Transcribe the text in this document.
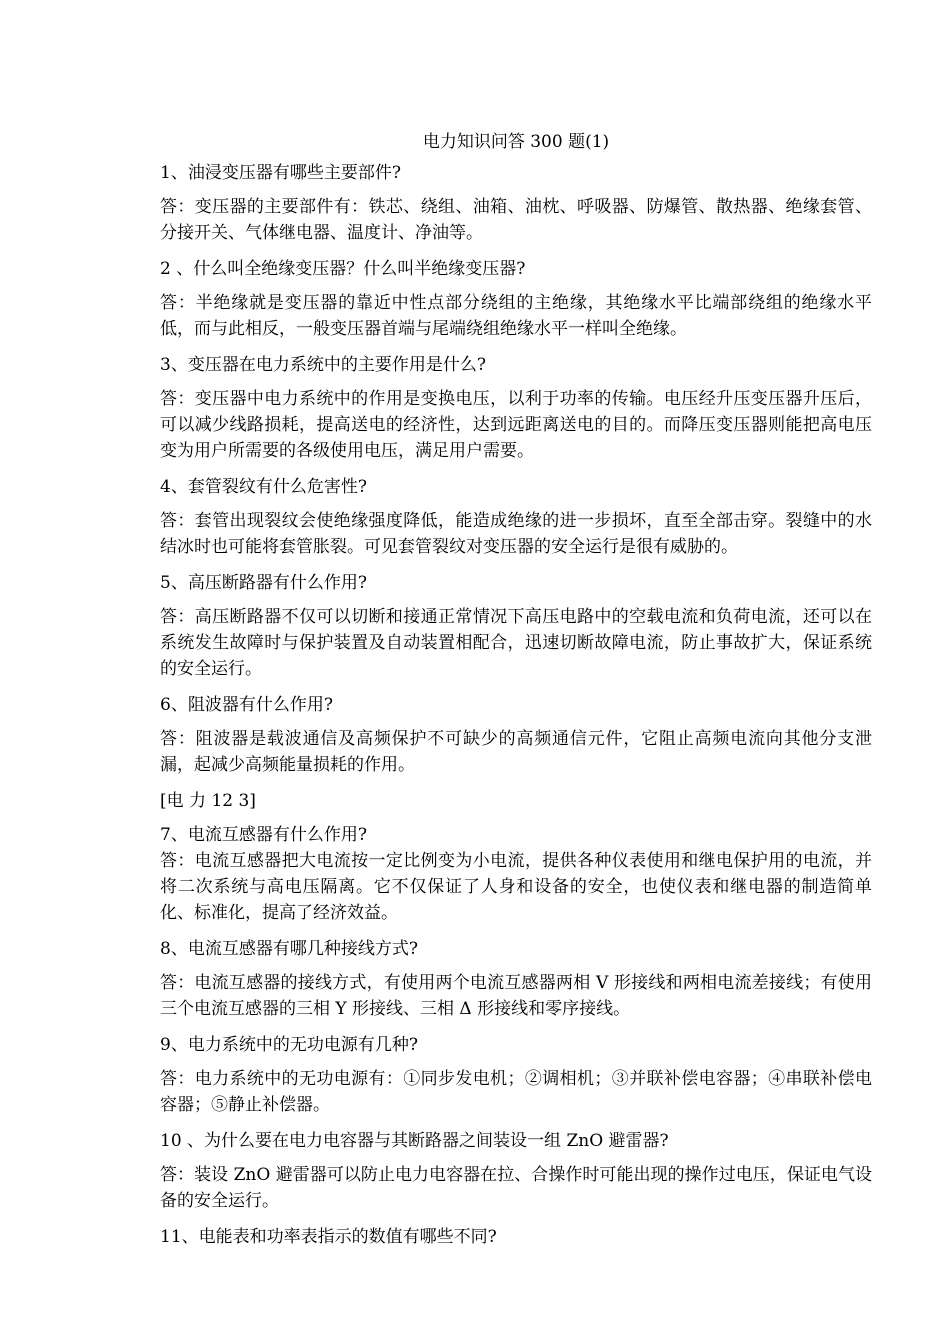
电力知识问答 300 题(1)
1、油浸变压器有哪些主要部件?
答：变压器的主要部件有：铁芯、绕组、油箱、油枕、呼吸器、防爆管、散热器、绝缘套管、分接开关、气体继电器、温度计、净油等。
2 、什么叫全绝缘变压器？什么叫半绝缘变压器?
答：半绝缘就是变压器的靠近中性点部分绕组的主绝缘，其绝缘水平比端部绕组的绝缘水平低，而与此相反，一般变压器首端与尾端绕组绝缘水平一样叫全绝缘。
3、变压器在电力系统中的主要作用是什么?
答：变压器中电力系统中的作用是变换电压，以利于功率的传输。电压经升压变压器升压后，可以减少线路损耗，提高送电的经济性，达到远距离送电的目的。而降压变压器则能把高电压变为用户所需要的各级使用电压，满足用户需要。
4、套管裂纹有什么危害性?
答：套管出现裂纹会使绝缘强度降低，能造成绝缘的进一步损坏，直至全部击穿。裂缝中的水结冰时也可能将套管胀裂。可见套管裂纹对变压器的安全运行是很有威胁的。
5、高压断路器有什么作用?
答：高压断路器不仅可以切断和接通正常情况下高压电路中的空载电流和负荷电流，还可以在系统发生故障时与保护装置及自动装置相配合，迅速切断故障电流，防止事故扩大，保证系统的安全运行。
6、阻波器有什么作用?
答：阻波器是载波通信及高频保护不可缺少的高频通信元件，它阻止高频电流向其他分支泄漏，起减少高频能量损耗的作用。
[电 力 12 3]
7、电流互感器有什么作用?
答：电流互感器把大电流按一定比例变为小电流，提供各种仪表使用和继电保护用的电流，并将二次系统与高电压隔离。它不仅保证了人身和设备的安全，也使仪表和继电器的制造简单化、标准化，提高了经济效益。
8、电流互感器有哪几种接线方式?
答：电流互感器的接线方式，有使用两个电流互感器两相 V 形接线和两相电流差接线；有使用三个电流互感器的三相 Y 形接线、三相 Δ 形接线和零序接线。
9、电力系统中的无功电源有几种?
答：电力系统中的无功电源有：①同步发电机；②调相机；③并联补偿电容器；④串联补偿电容器；⑤静止补偿器。
10 、为什么要在电力电容器与其断路器之间装设一组 ZnO 避雷器?
答：装设 ZnO 避雷器可以防止电力电容器在拉、合操作时可能出现的操作过电压，保证电气设备的安全运行。
11、电能表和功率表指示的数值有哪些不同?
